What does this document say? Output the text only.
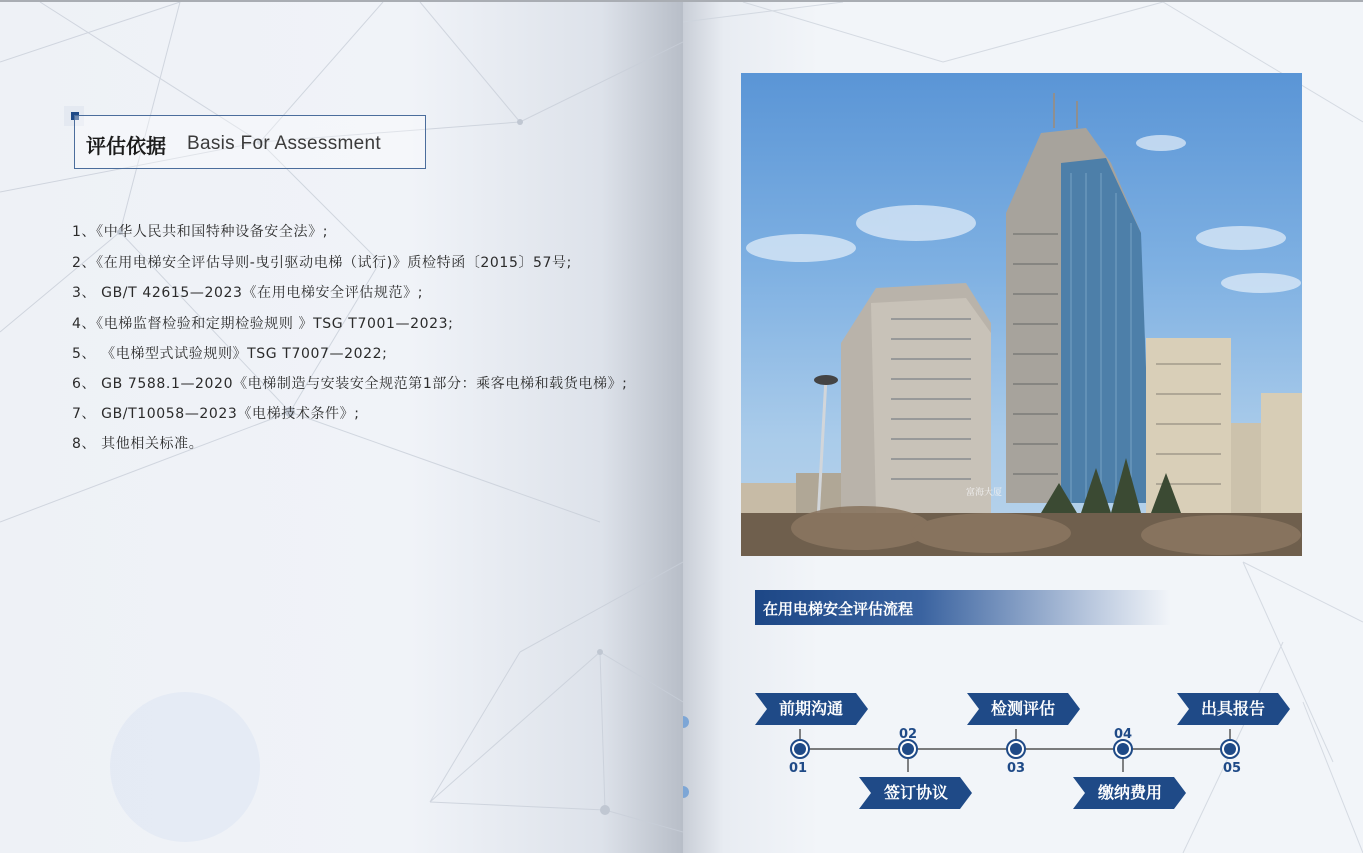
评估依据 Basis For Assessment
1、《中华人民共和国特种设备安全法》;
2、《在用电梯安全评估导则-曳引驱动电梯（试行)》质检特函〔2015〕57号;
3、 GB/T 42615—2023《在用电梯安全评估规范》;
4、《电梯监督检验和定期检验规则 》TSG T7001—2023;
5、 《电梯型式试验规则》TSG T7007—2022;
6、 GB 7588.1—2020《电梯制造与安装安全规范第1部分：乘客电梯和载货电梯》;
7、 GB/T10058—2023《电梯技术条件》;
8、 其他相关标准。
富海大厦
在用电梯安全评估流程
前期沟通
签订协议
检测评估
缴纳费用
出具报告
01
02
03
04
05
